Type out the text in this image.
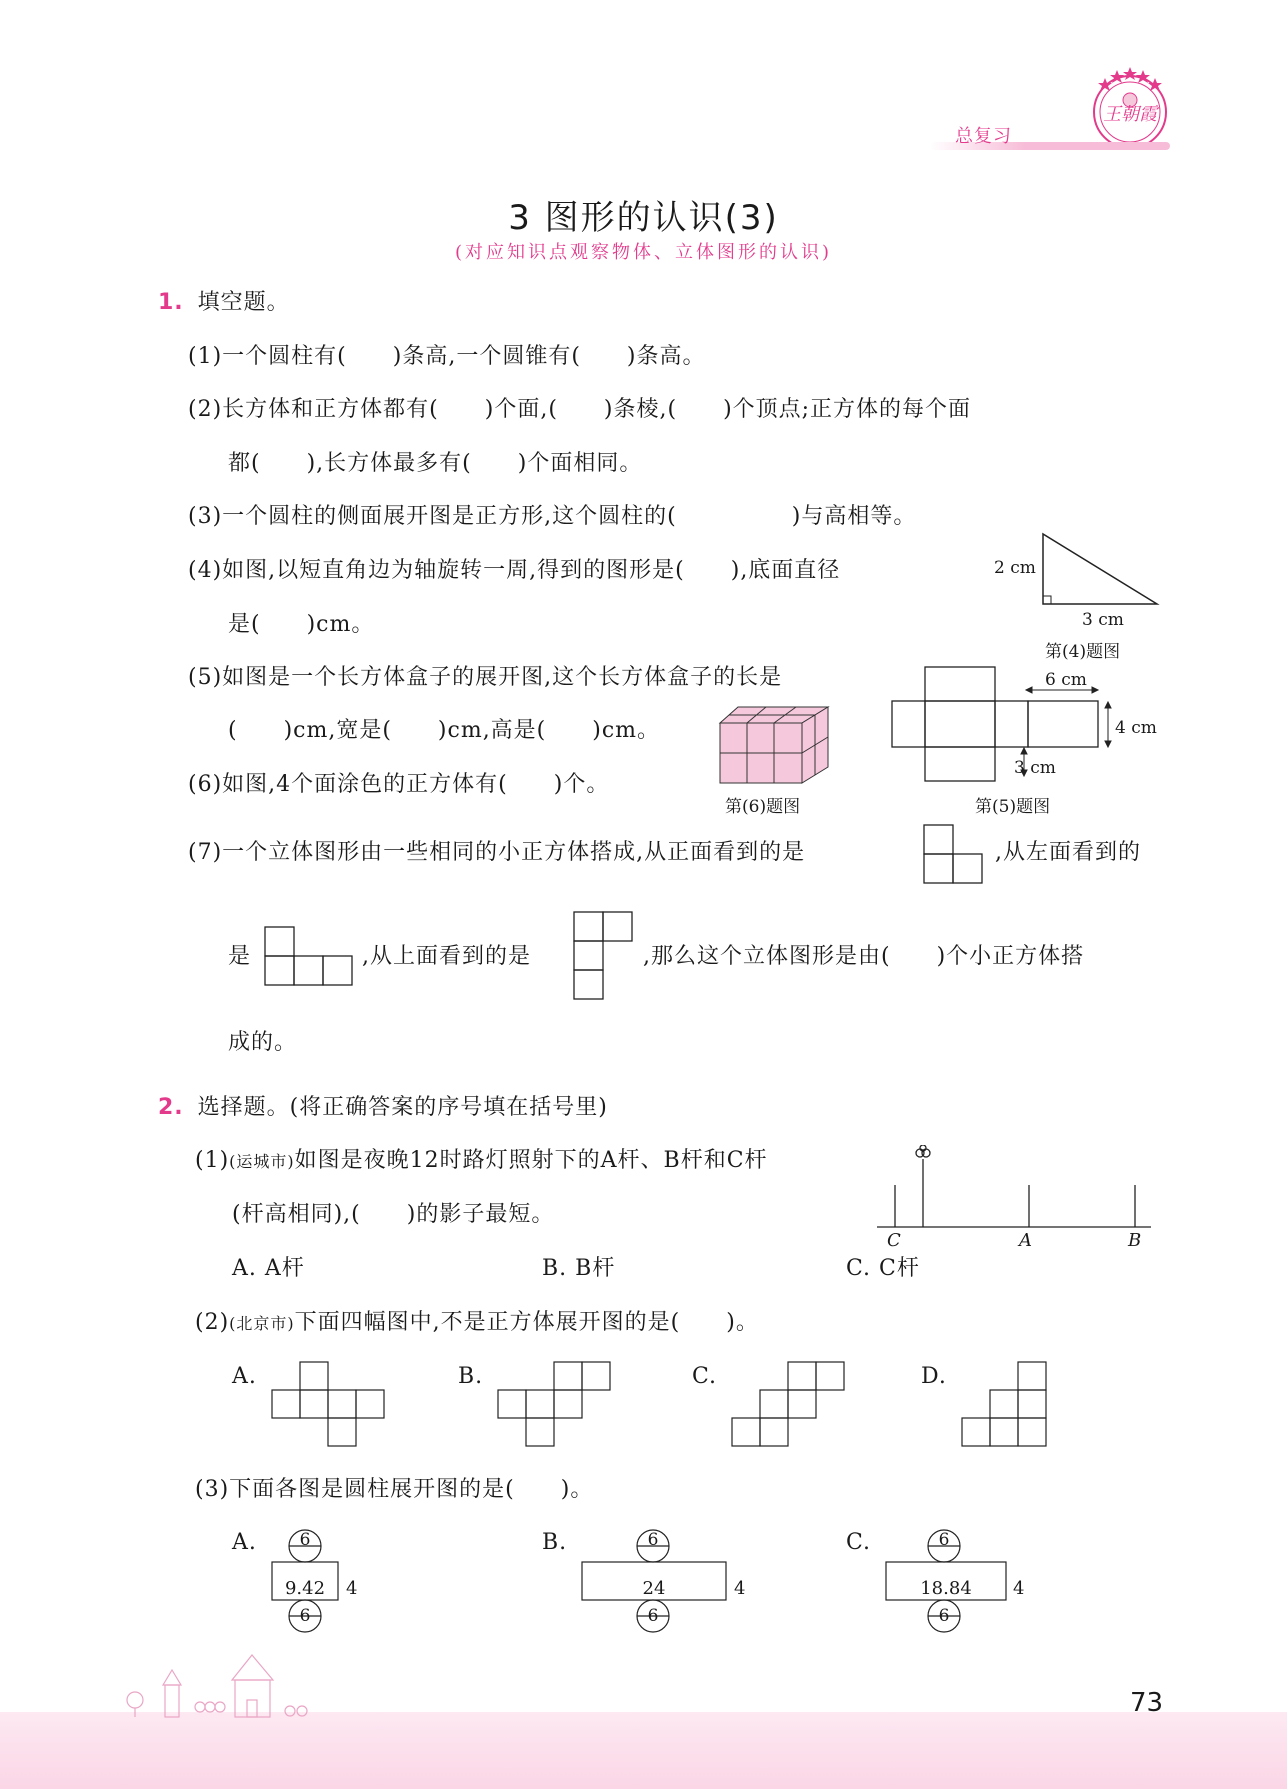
王朝霞
总复习
3 图形的认识(3)
(对应知识点观察物体、立体图形的认识)
1. 填空题。
(1)一个圆柱有(　　)条高,一个圆锥有(　　)条高。
(2)长方体和正方体都有(　　)个面,(　　)条棱,(　　)个顶点;正方体的每个面
都(　　),长方体最多有(　　)个面相同。
(3)一个圆柱的侧面展开图是正方形,这个圆柱的(　　　　　)与高相等。
(4)如图,以短直角边为轴旋转一周,得到的图形是(　　),底面直径
是(　　)cm。
2 cm
3 cm
第(4)题图
(5)如图是一个长方体盒子的展开图,这个长方体盒子的长是
(　　)cm,宽是(　　)cm,高是(　　)cm。
第(6)题图
6 cm
4 cm
3 cm
第(5)题图
(6)如图,4个面涂色的正方体有(　　)个。
(7)一个立体图形由一些相同的小正方体搭成,从正面看到的是	,从左面看到的
是	,从上面看到的是	,那么这个立体图形是由(　　)个小正方体搭
成的。
2. 选择题。(将正确答案的序号填在括号里)
(1)(运城市)如图是夜晚12时路灯照射下的A杆、B杆和C杆
(杆高相同),(　　)的影子最短。
C	A	B
A. A杆	B. B杆	C. C杆
(2)(北京市)下面四幅图中,不是正方体展开图的是(　　)。
A.	B.	C.	D.
(3)下面各图是圆柱展开图的是(　　)。
A.	6
9.42
6
4
B.	6
24
6
4
C.	6
18.84
6
4
73
